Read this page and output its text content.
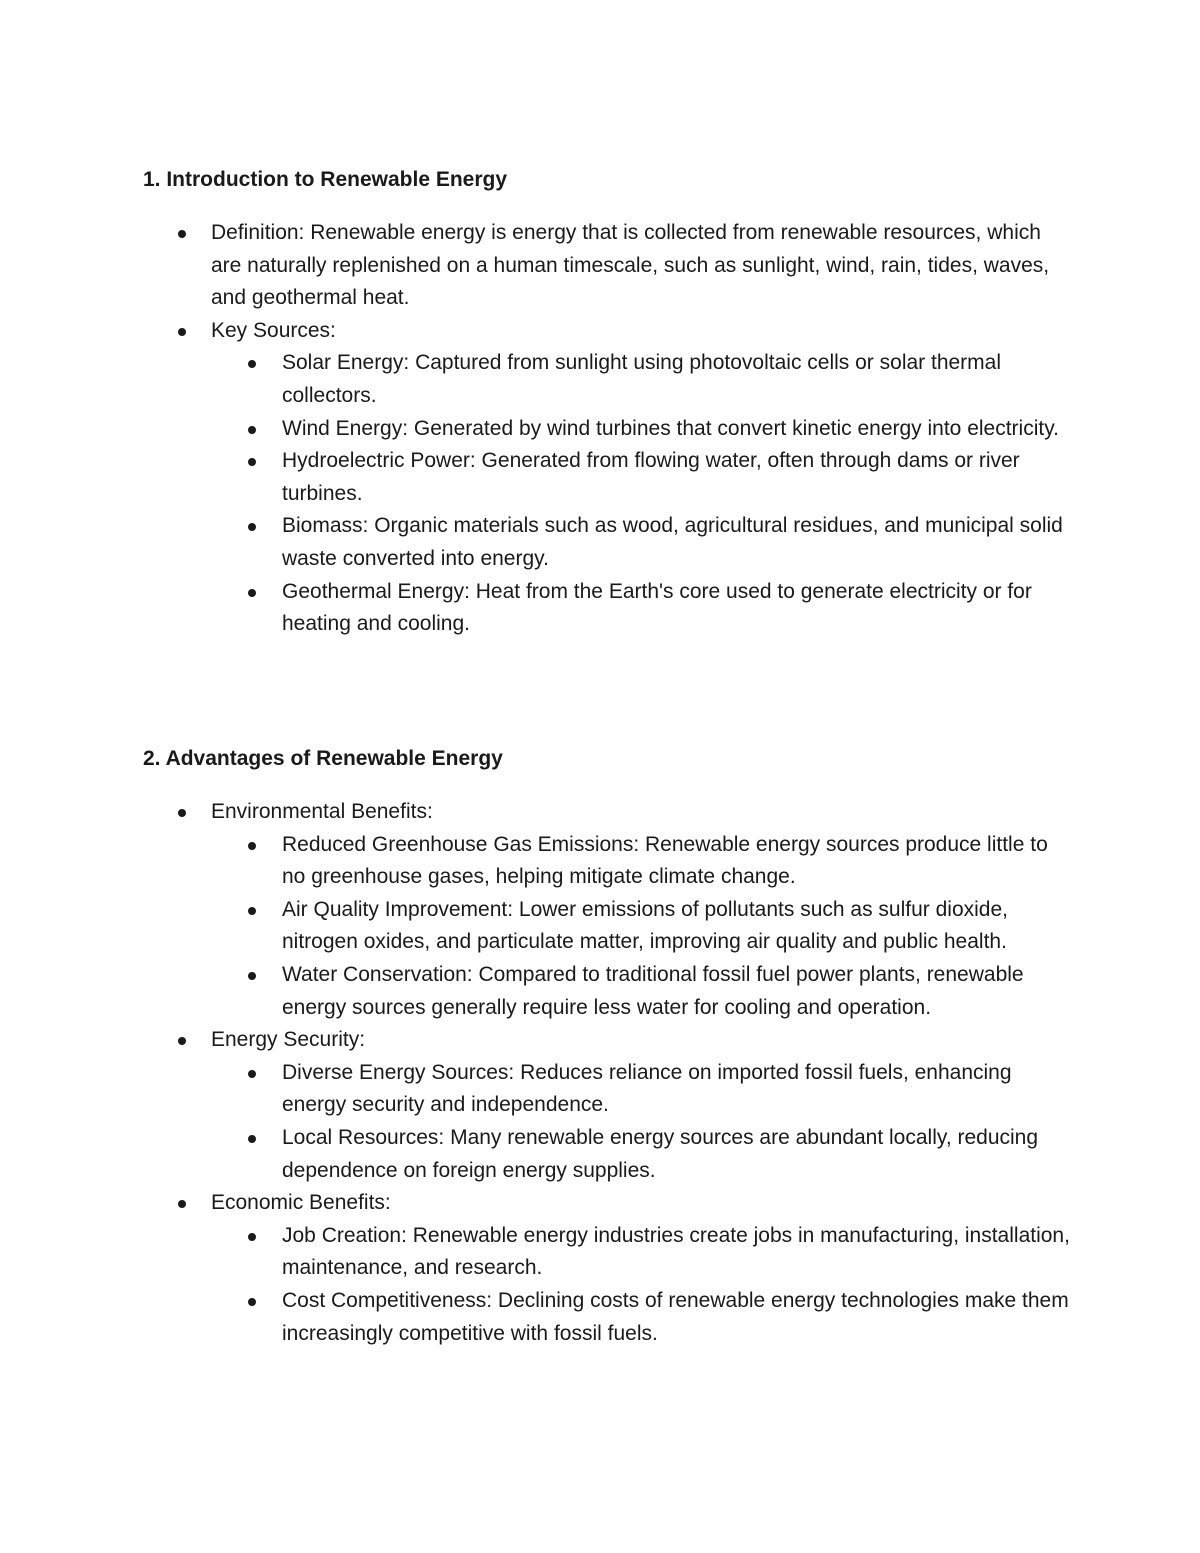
1. Introduction to Renewable Energy
Definition: Renewable energy is energy that is collected from renewable resources, which are naturally replenished on a human timescale, such as sunlight, wind, rain, tides, waves, and geothermal heat.
Key Sources:
Solar Energy: Captured from sunlight using photovoltaic cells or solar thermal collectors.
Wind Energy: Generated by wind turbines that convert kinetic energy into electricity.
Hydroelectric Power: Generated from flowing water, often through dams or river turbines.
Biomass: Organic materials such as wood, agricultural residues, and municipal solid waste converted into energy.
Geothermal Energy: Heat from the Earth's core used to generate electricity or for heating and cooling.
2. Advantages of Renewable Energy
Environmental Benefits:
Reduced Greenhouse Gas Emissions: Renewable energy sources produce little to no greenhouse gases, helping mitigate climate change.
Air Quality Improvement: Lower emissions of pollutants such as sulfur dioxide, nitrogen oxides, and particulate matter, improving air quality and public health.
Water Conservation: Compared to traditional fossil fuel power plants, renewable energy sources generally require less water for cooling and operation.
Energy Security:
Diverse Energy Sources: Reduces reliance on imported fossil fuels, enhancing energy security and independence.
Local Resources: Many renewable energy sources are abundant locally, reducing dependence on foreign energy supplies.
Economic Benefits:
Job Creation: Renewable energy industries create jobs in manufacturing, installation, maintenance, and research.
Cost Competitiveness: Declining costs of renewable energy technologies make them increasingly competitive with fossil fuels.
